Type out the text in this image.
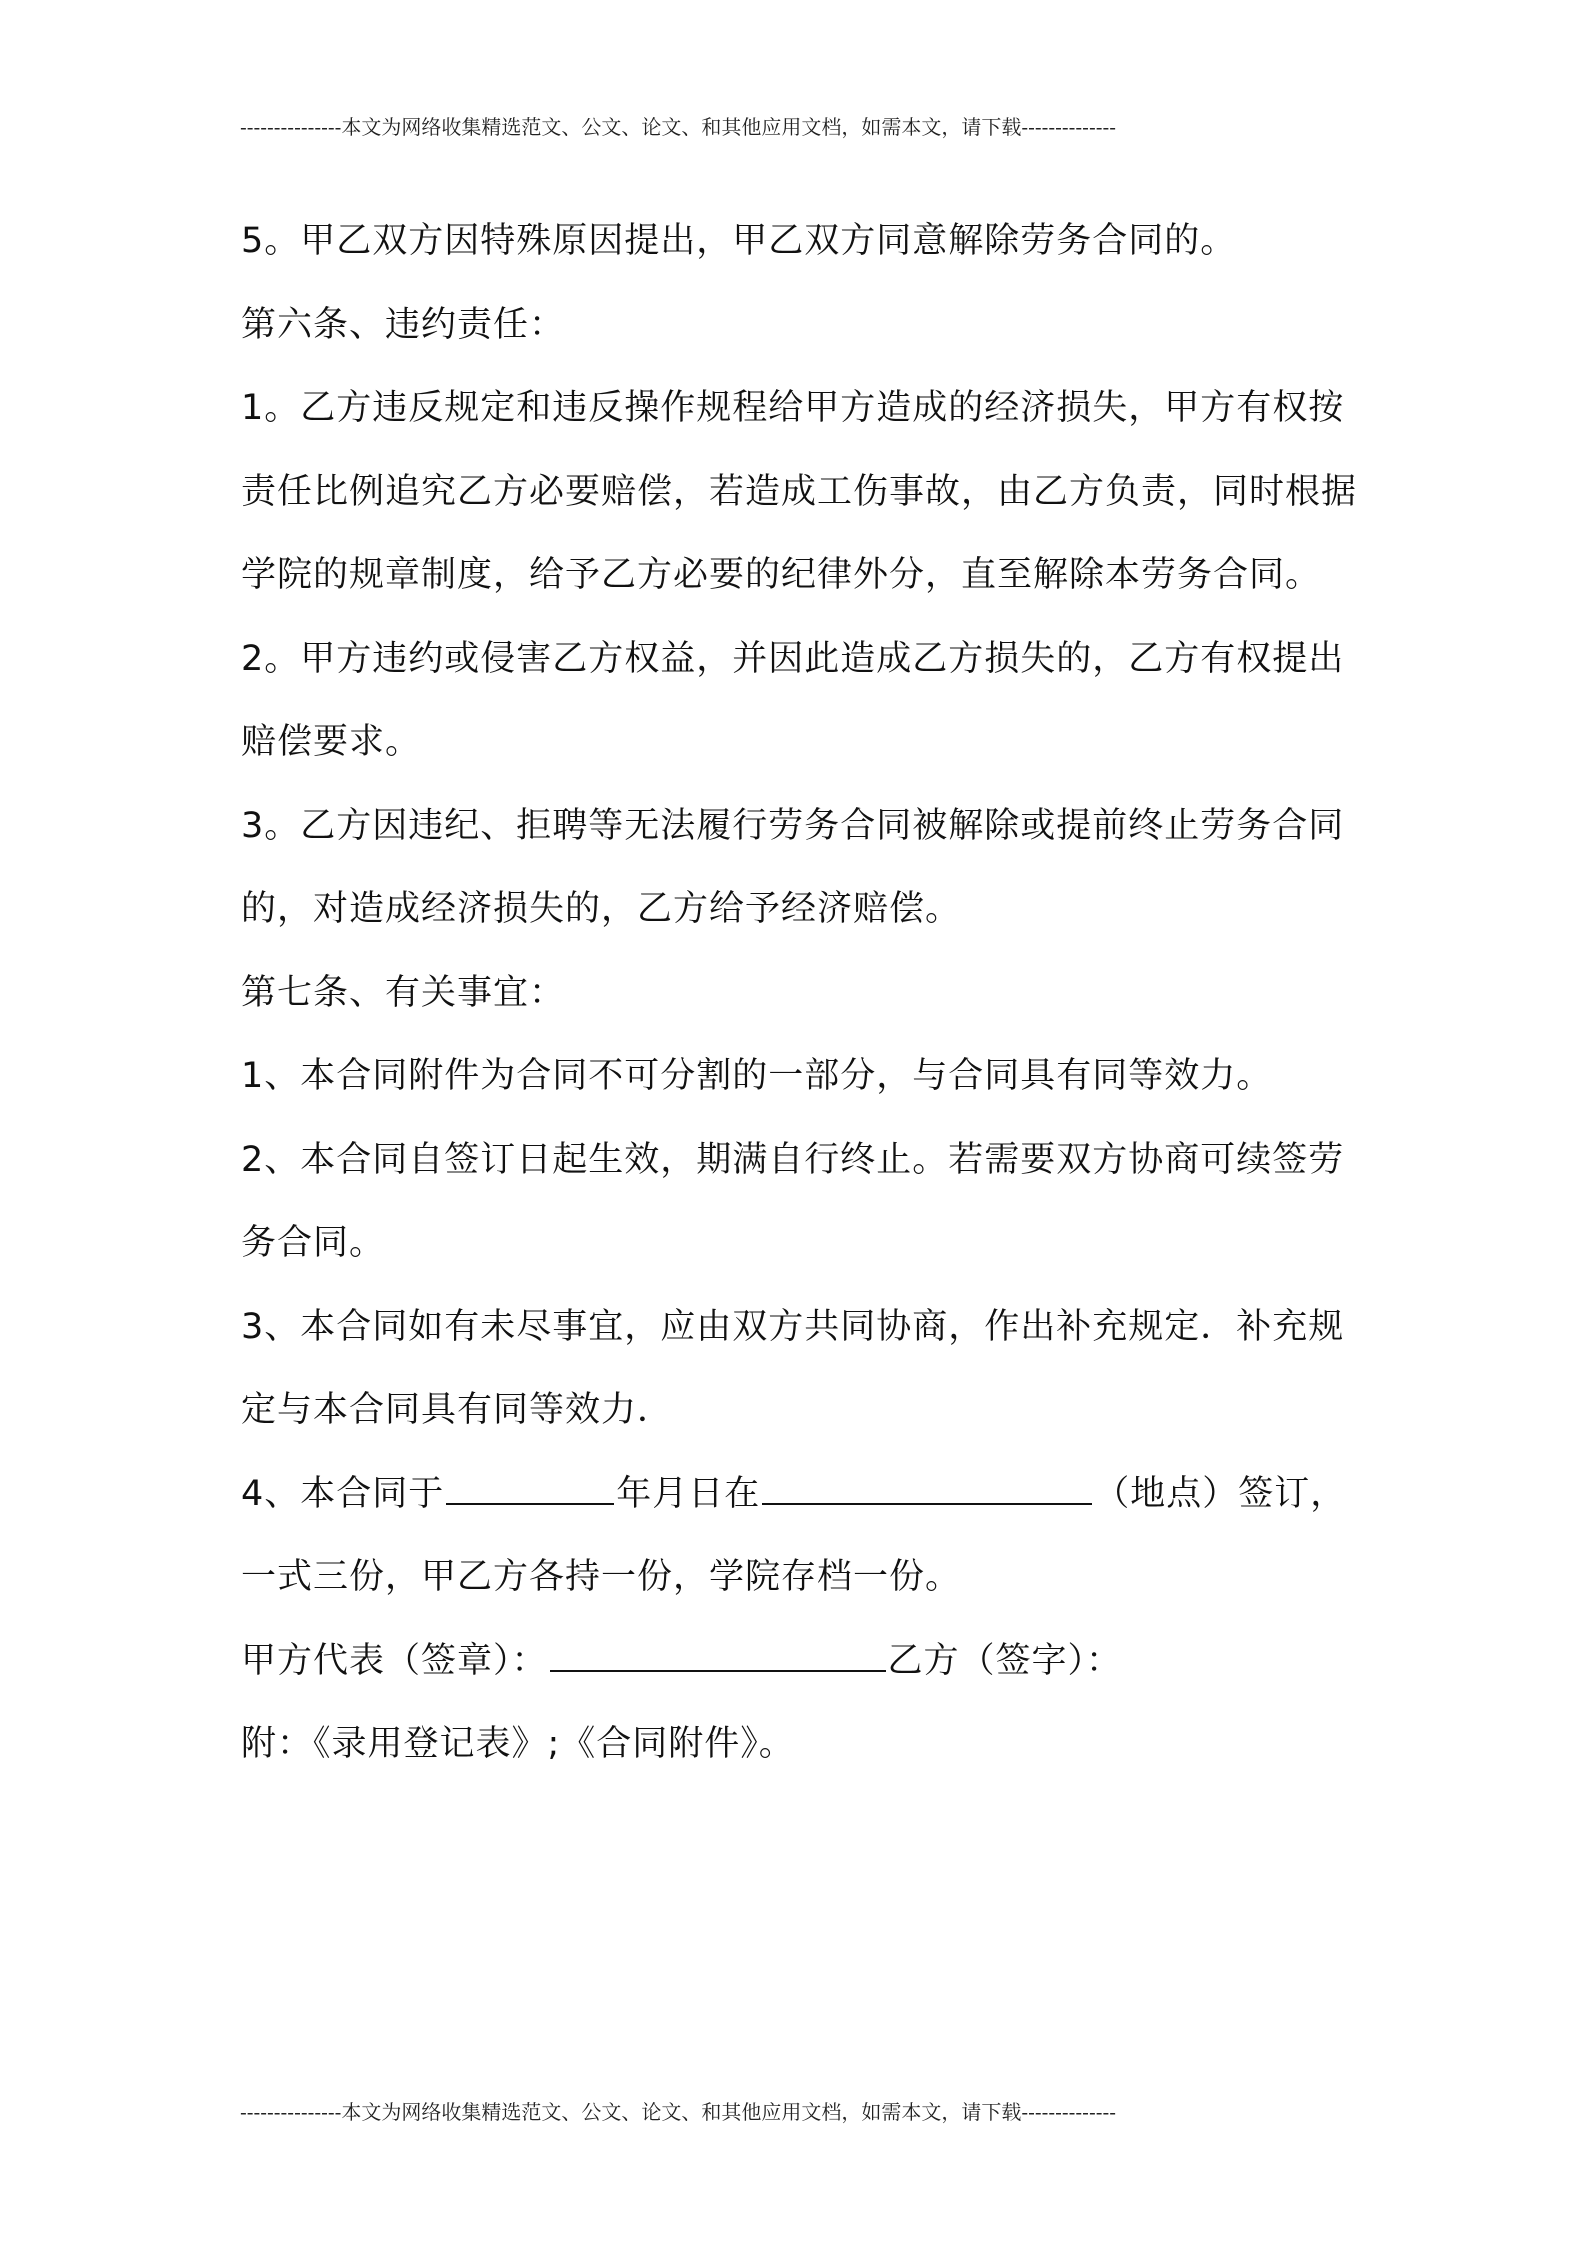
---------------本文为网络收集精选范文、公文、论文、和其他应用文档，如需本文，请下载--------------

5。甲乙双方因特殊原因提出，甲乙双方同意解除劳务合同的。

第六条、违约责任：

1。乙方违反规定和违反操作规程给甲方造成的经济损失，甲方有权按责任比例追究乙方必要赔偿，若造成工伤事故，由乙方负责，同时根据学院的规章制度，给予乙方必要的纪律外分，直至解除本劳务合同。

2。甲方违约或侵害乙方权益，并因此造成乙方损失的，乙方有权提出赔偿要求。

3。乙方因违纪、拒聘等无法履行劳务合同被解除或提前终止劳务合同的，对造成经济损失的，乙方给予经济赔偿。

第七条、有关事宜：

1、本合同附件为合同不可分割的一部分，与合同具有同等效力。

2、本合同自签订日起生效，期满自行终止。若需要双方协商可续签劳务合同。

3、本合同如有未尽事宜，应由双方共同协商，作出补充规定．补充规定与本合同具有同等效力．

4、本合同于	年月日在	（地点）签订，一式三份，甲乙方各持一份，学院存档一份。

甲方代表（签章）：	乙方（签字）：

附：《录用登记表》;《合同附件》。

---------------本文为网络收集精选范文、公文、论文、和其他应用文档，如需本文，请下载--------------
